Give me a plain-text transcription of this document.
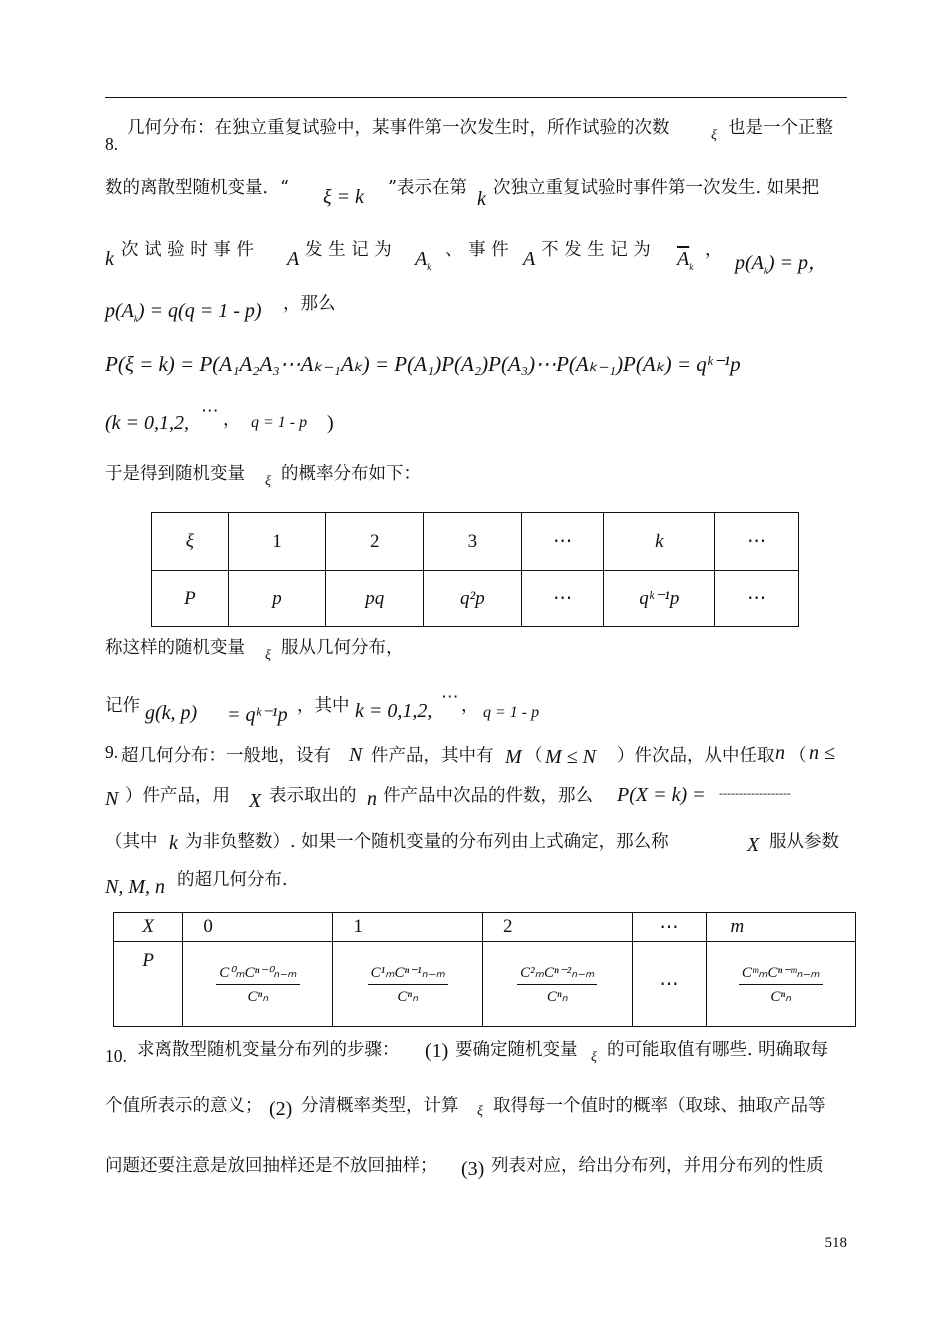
8.
几何分布：在独立重复试验中，某事件第一次发生时，所作试验的次数	ξ 也是一个正整
数的离散型随机变量．“ ξ = k ”表示在第 k 次独立重复试验时事件第一次发生. 如果把
k 次 试 验 时 事 件 A 发 生 记 为 $A_k$
、 事 件 A 不 发 生 记 为 $\overline{A}_k$
，
$p(A_k) = p$，
$p(A_k) = q(q = 1 - p)$ ，那么
P(ξ = k) = P(A₁A₂A₃⋯Aₖ₋₁Aₖ) = P(A₁)P(A₂)P(A₃)⋯P(Aₖ₋₁)P(Aₖ) = qᵏ⁻¹p
(k = 0,1,2,
⋯ ， q = 1 - p )
于是得到随机变量 ξ 的概率分布如下：
ξ	1	2	3	⋯	k	⋯
P	p	pq	q²p	⋯	qᵏ⁻¹p	⋯
称这样的随机变量 ξ 服从几何分布，
记作 g(k, p) = qᵏ⁻¹p ，其中 k = 0,1,2,
⋯ ， q = 1 - p
9. 超几何分布：一般地，设有 N 件产品，其中有 M （ M ≤ N ）件次品，从中任取 n （ n ≤
N ）件产品，用 X 表示取出的 n 件产品中次品的件数，那么 P(X = k) = ------------------
（其中 k 为非负整数）. 如果一个随机变量的分布列由上式确定，那么称	X 服从参数
N, M, n 的超几何分布.
X	0	1	2	⋯	m
P	$\frac{\text{C⁰ₘCⁿ⁻⁰ₙ₋ₘ}}{\text{Cⁿₙ}}$	$\frac{\text{C¹ₘCⁿ⁻¹ₙ₋ₘ}}{\text{Cⁿₙ}}$	$\frac{\text{C²ₘCⁿ⁻²ₙ₋ₘ}}{\text{Cⁿₙ}}$	⋯	$\frac{\text{CᵐₘCⁿ⁻ᵐₙ₋ₘ}}{\text{Cⁿₙ}}$
10. 求离散型随机变量分布列的步骤： (1) 要确定随机变量 ξ 的可能取值有哪些. 明确取每
个值所表示的意义； (2) 分清概率类型，计算 ξ 取得每一个值时的概率（取球、抽取产品等
问题还要注意是放回抽样还是不放回抽样； (3) 列表对应，给出分布列，并用分布列的性质
518
